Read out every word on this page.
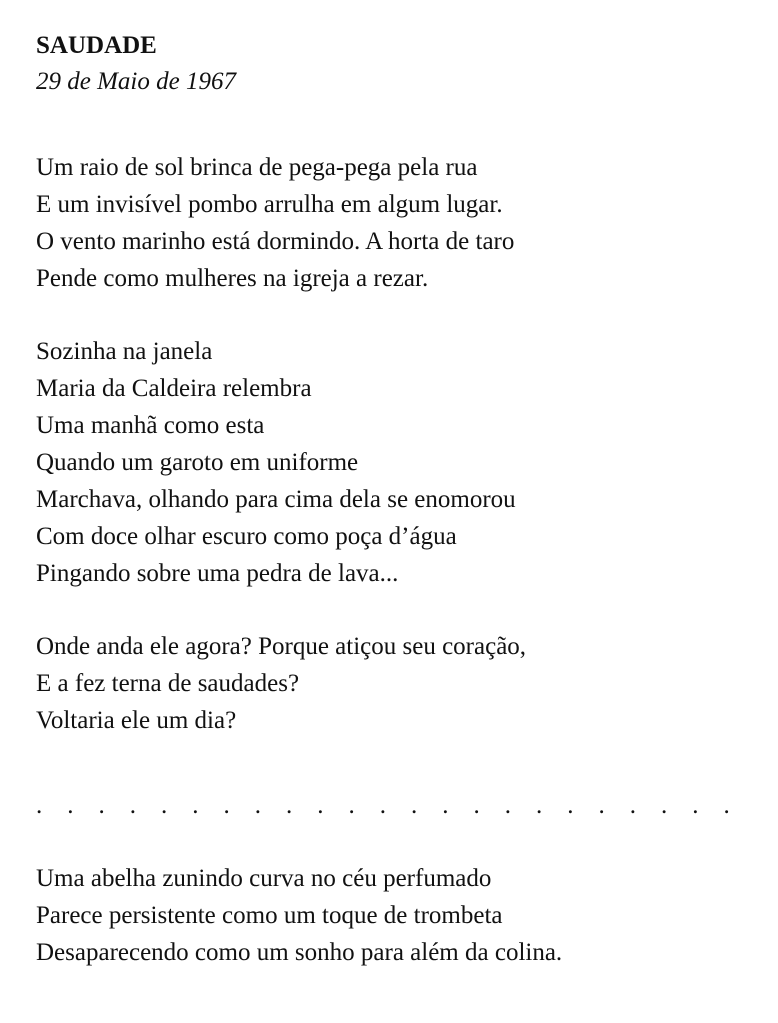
SAUDADE
29 de Maio de 1967
Um raio de sol brinca de pega-pega pela rua
E um invisível pombo arrulha em algum lugar.
O vento marinho está dormindo. A horta de taro
Pende como mulheres na igreja a rezar.
Sozinha na janela
Maria da Caldeira relembra
Uma manhã como esta
Quando um garoto em uniforme
Marchava, olhando para cima dela se enomorou
Com doce olhar escuro como poça d’água
Pingando sobre uma pedra de lava...
Onde anda ele agora? Porque atiçou seu coração,
E a fez terna de saudades?
Voltaria ele um dia?
.    .    .    .    .    .    .    .    .    .    .    .    .    .    .    .    .    .    .    .    .    .    .
Uma abelha zunindo curva no céu perfumado
Parece persistente como um toque de trombeta
Desaparecendo como um sonho para além da colina.
